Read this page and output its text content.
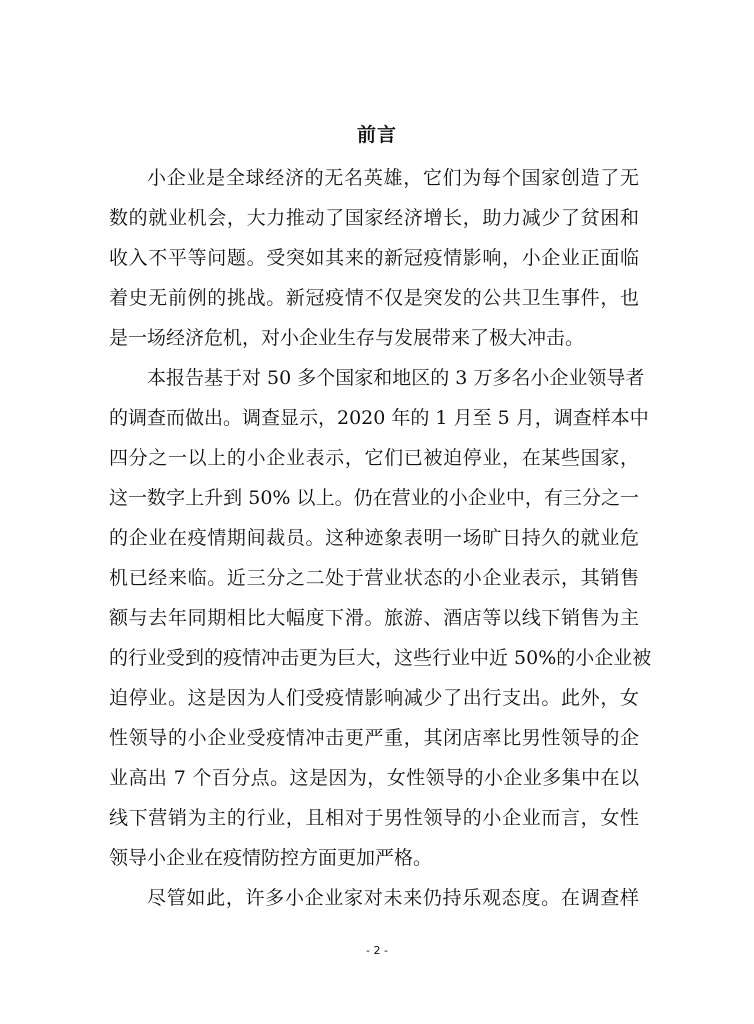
前言
小企业是全球经济的无名英雄，它们为每个国家创造了无
数的就业机会，大力推动了国家经济增长，助力减少了贫困和
收入不平等问题。受突如其来的新冠疫情影响，小企业正面临
着史无前例的挑战。新冠疫情不仅是突发的公共卫生事件，也
是一场经济危机，对小企业生存与发展带来了极大冲击。
本报告基于对 50 多个国家和地区的 3 万多名小企业领导者
的调查而做出。调查显示，2020 年的 1 月至 5 月，调查样本中
四分之一以上的小企业表示，它们已被迫停业，在某些国家，
这一数字上升到 50% 以上。仍在营业的小企业中，有三分之一
的企业在疫情期间裁员。这种迹象表明一场旷日持久的就业危
机已经来临。近三分之二处于营业状态的小企业表示，其销售
额与去年同期相比大幅度下滑。旅游、酒店等以线下销售为主
的行业受到的疫情冲击更为巨大，这些行业中近 50%的小企业被
迫停业。这是因为人们受疫情影响减少了出行支出。此外，女
性领导的小企业受疫情冲击更严重，其闭店率比男性领导的企
业高出 7 个百分点。这是因为，女性领导的小企业多集中在以
线下营销为主的行业，且相对于男性领导的小企业而言，女性
领导小企业在疫情防控方面更加严格。
尽管如此，许多小企业家对未来仍持乐观态度。在调查样
- 2 -
